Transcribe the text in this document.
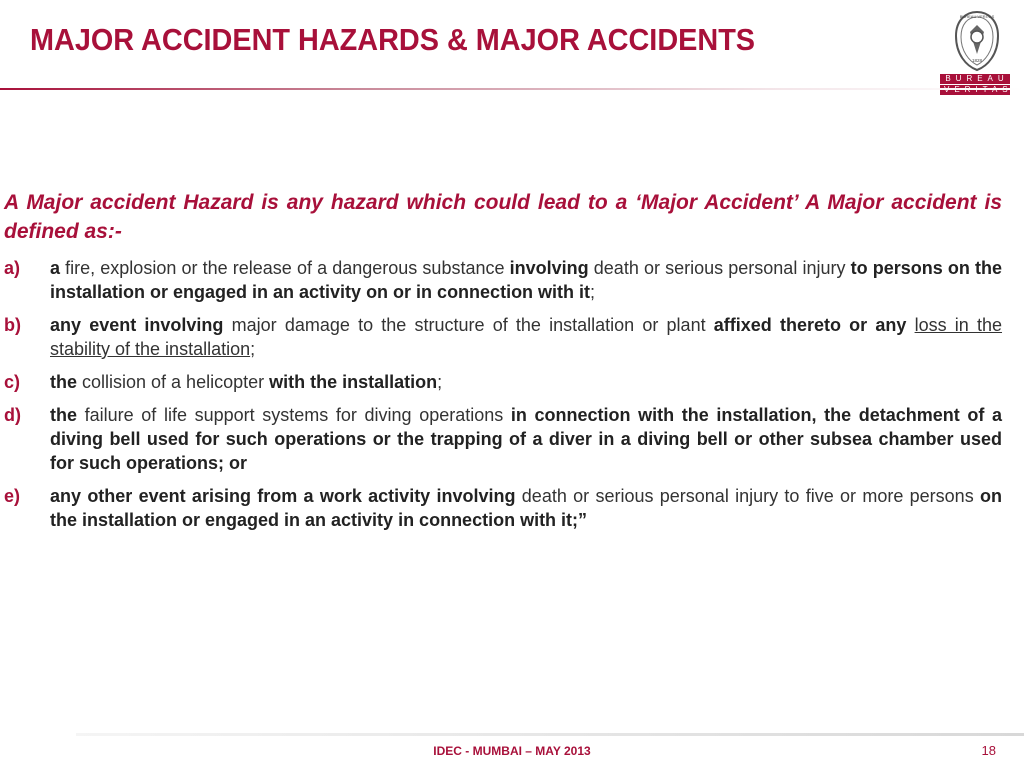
MAJOR ACCIDENT HAZARDS & MAJOR ACCIDENTS
BUREAU VERITAS
1828
BUREAU

A Major accident Hazard is any hazard which could lead to a ‘Major Accident’ A Major accident is defined as:-

a)	a fire, explosion or the release of a dangerous substance involving death or serious personal injury to persons on the installation or engaged in an activity on or in connection with it;
b)	any event involving major damage to the structure of the installation or plant affixed thereto or any loss in the stability of the installation;
c)	the collision of a helicopter with the installation;
d)	the failure of life support systems for diving operations in connection with the installation, the detachment of a diving bell used for such operations or the trapping of a diver in a diving bell or other subsea chamber used for such operations; or
e)	any other event arising from a work activity involving death or serious personal injury to five or more persons on the installation or engaged in an activity in connection with it;”
IDEC - MUMBAI – MAY 2013	18
